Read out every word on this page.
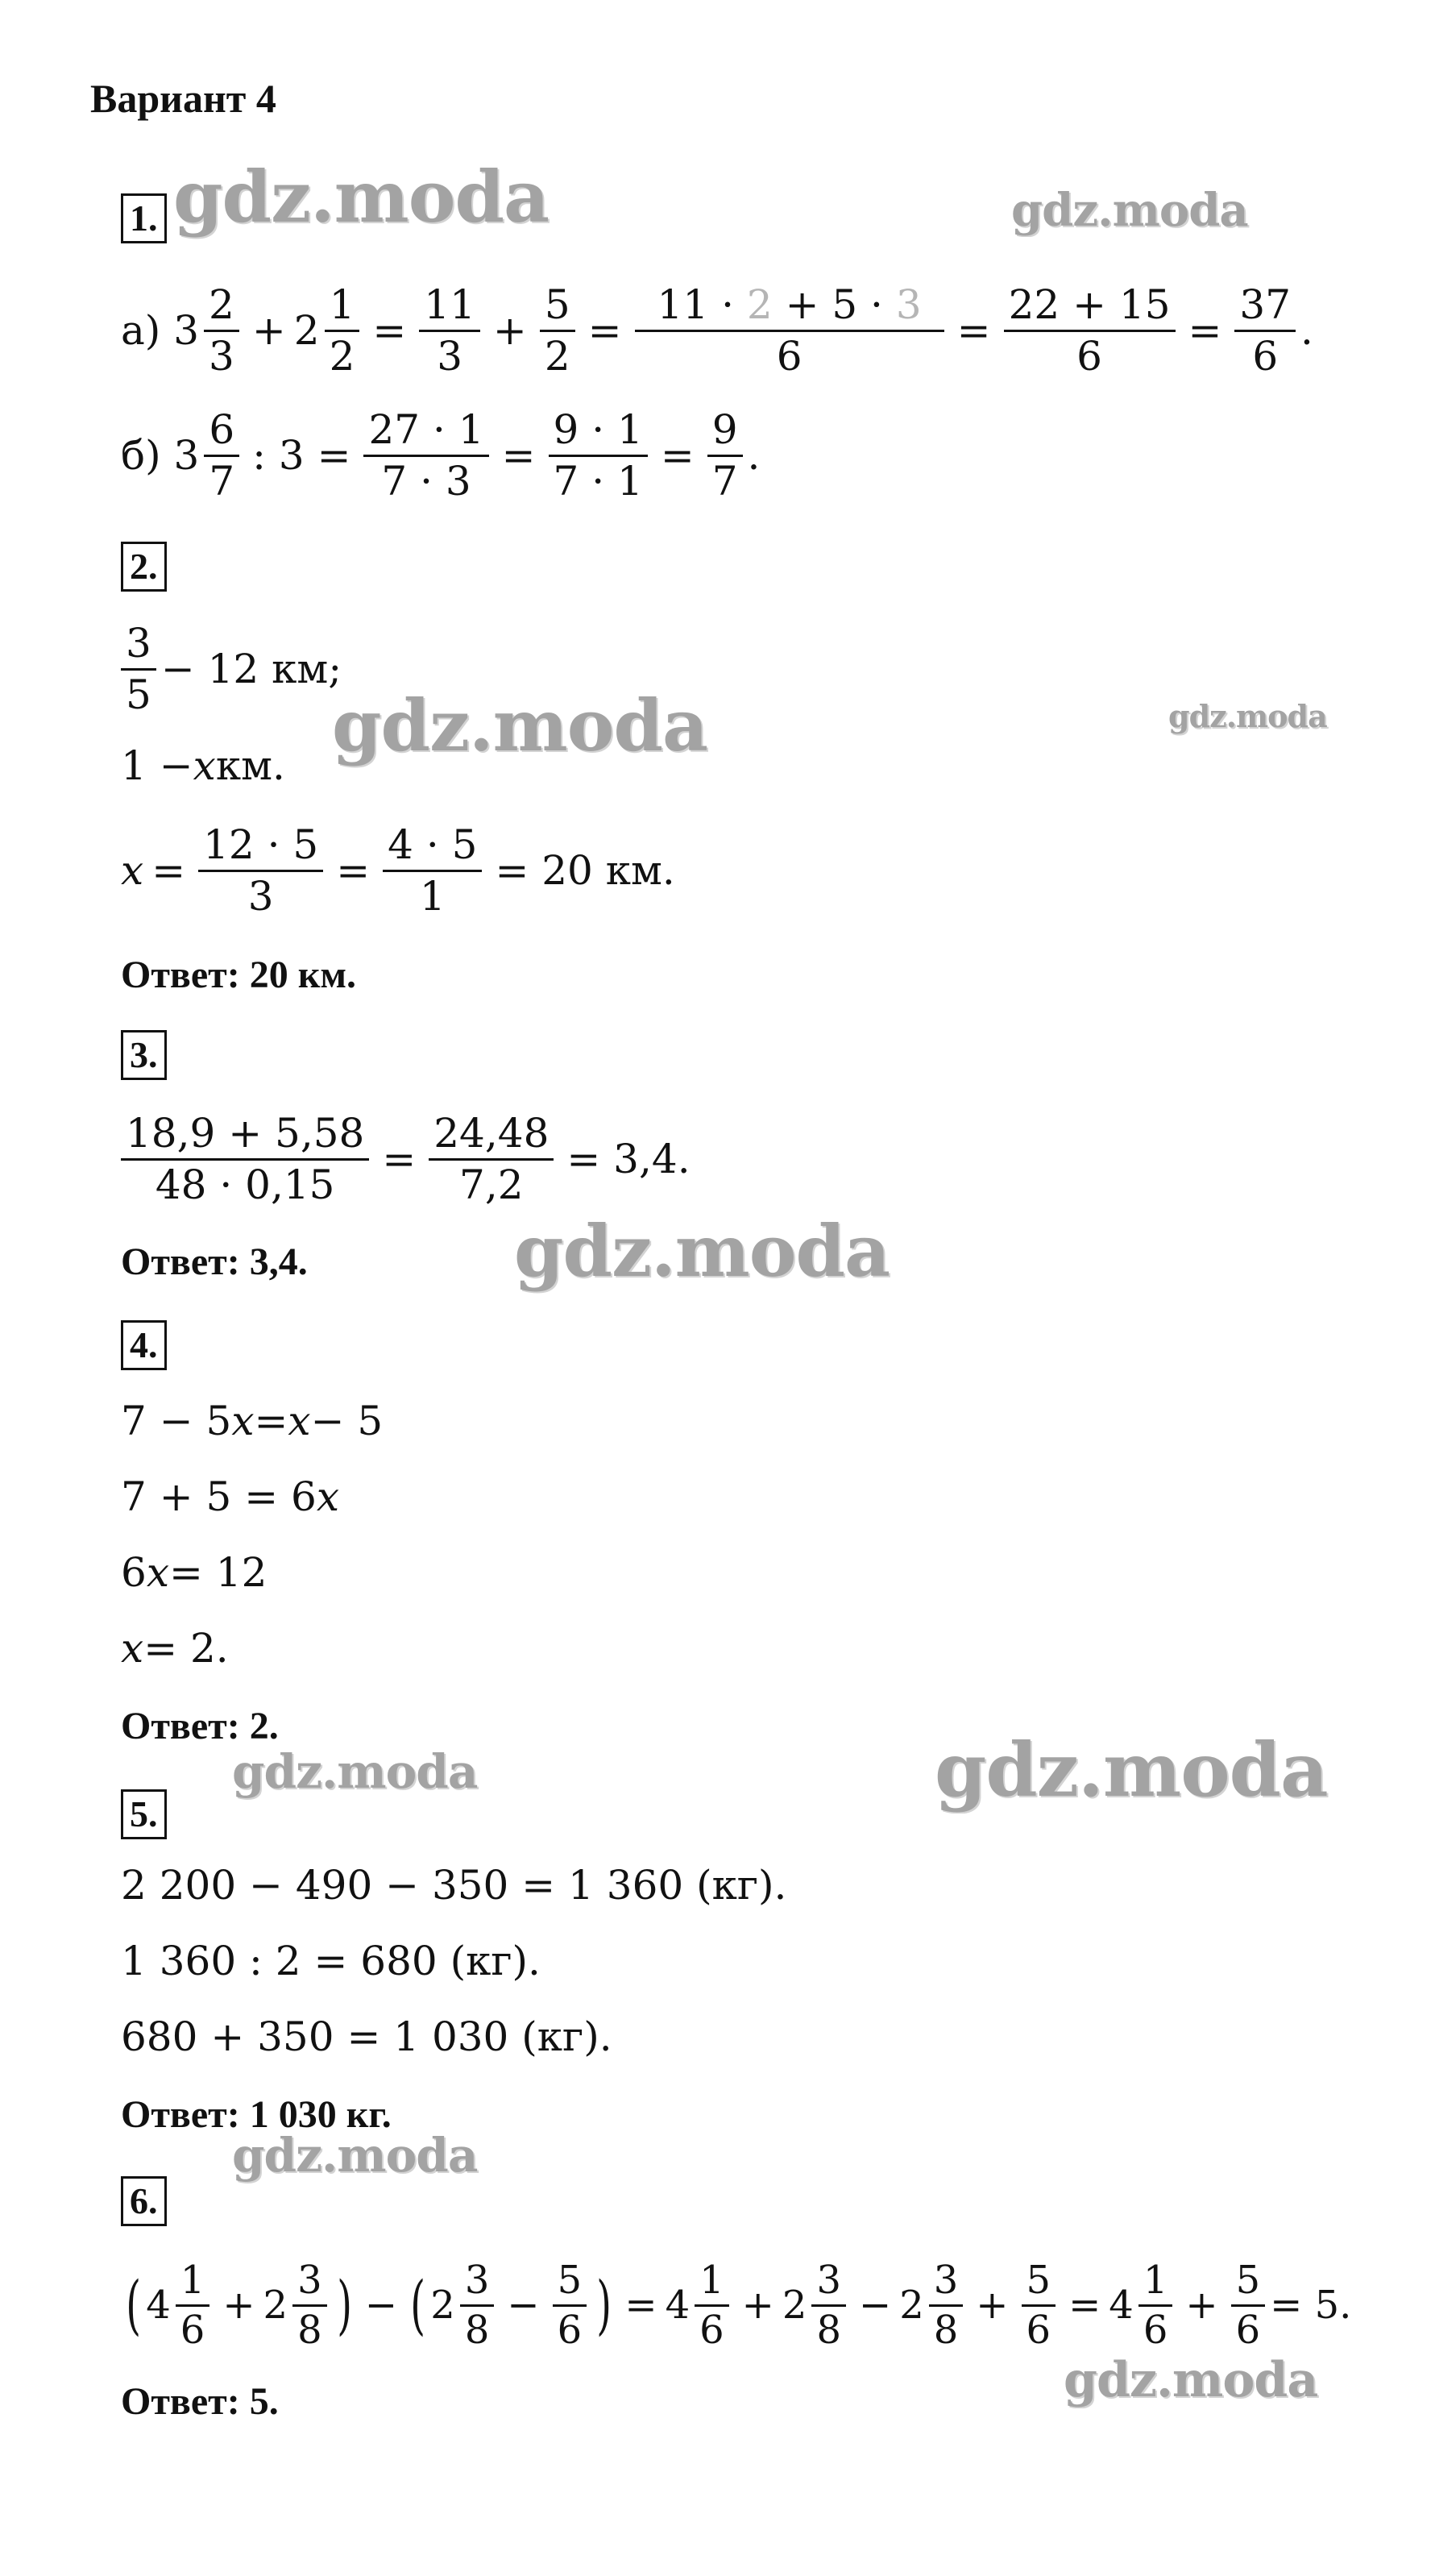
Вариант 4
gdz.moda	gdz.moda
gdz.moda	gdz.moda
gdz.moda
gdz.moda	gdz.moda
gdz.moda
gdz.moda
1.
а)
$3 \frac{2}{3} + 2 \frac{1}{2} = \frac{11}{3} + \frac{5}{2} = \frac{11 \cdot 2 + 5 \cdot 3}{6} = \frac{22 + 15}{6} = \frac{37}{6}$ .
б)
$3 \frac{6}{7}$ : $3 = \frac{27 \cdot 1}{7 \cdot 3} = \frac{9 \cdot 1}{7 \cdot 1} = \frac{9}{7}$ .
2.
$\frac{3}{5} - 12$ км;
1 − x км.
$x = \frac{12 \cdot 5}{3} = \frac{4 \cdot 5}{1} = 20$ км.
Ответ: 20 км.
3.
$\frac{18,9 + 5,58}{48 \cdot 0,15} = \frac{24,48}{7,2} = 3,4$.
Ответ: 3,4.
4.
7 − 5 x = x − 5
7 + 5 = 6 x
6 x = 12
x = 2.
Ответ: 2.
5.
2 200 − 490 − 350 = 1 360 (кг).
1 360 : 2 = 680 (кг).
680 + 350 = 1 030 (кг).
Ответ: 1 030 кг.
6.
( $4 \frac{1}{6} + 2 \frac{3}{8}$ ) − ( $2 \frac{3}{8} - \frac{5}{6}$ ) = $4 \frac{1}{6} + 2 \frac{3}{8} - 2 \frac{3}{8} + \frac{5}{6} = 4 \frac{1}{6} + \frac{5}{6} = 5$.
Ответ: 5.
